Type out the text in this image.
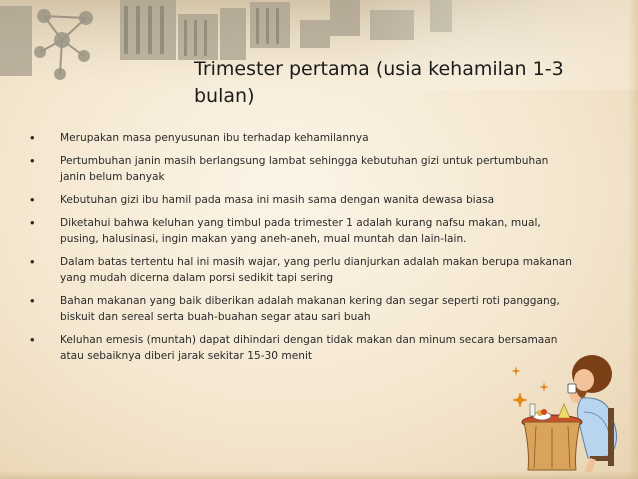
Trimester pertama (usia kehamilan 1-3 bulan)
• Merupakan masa penyusunan ibu terhadap kehamilannya
• Pertumbuhan janin masih berlangsung lambat sehingga kebutuhan gizi untuk pertumbuhan janin belum banyak
• Kebutuhan gizi ibu hamil pada masa ini masih sama dengan wanita dewasa biasa
• Diketahui bahwa keluhan yang timbul pada trimester 1 adalah kurang nafsu makan, mual, pusing, halusinasi, ingin makan yang aneh-aneh, mual muntah dan lain-lain.
• Dalam batas tertentu hal ini masih wajar, yang perlu dianjurkan adalah makan berupa makanan yang mudah dicerna dalam porsi sedikit tapi sering
• Bahan makanan yang baik diberikan adalah makanan kering dan segar seperti roti panggang, biskuit dan sereal serta buah-buahan segar atau sari buah
• Keluhan emesis (muntah) dapat dihindari dengan tidak makan dan minum secara bersamaan atau sebaiknya diberi jarak sekitar 15-30 menit
